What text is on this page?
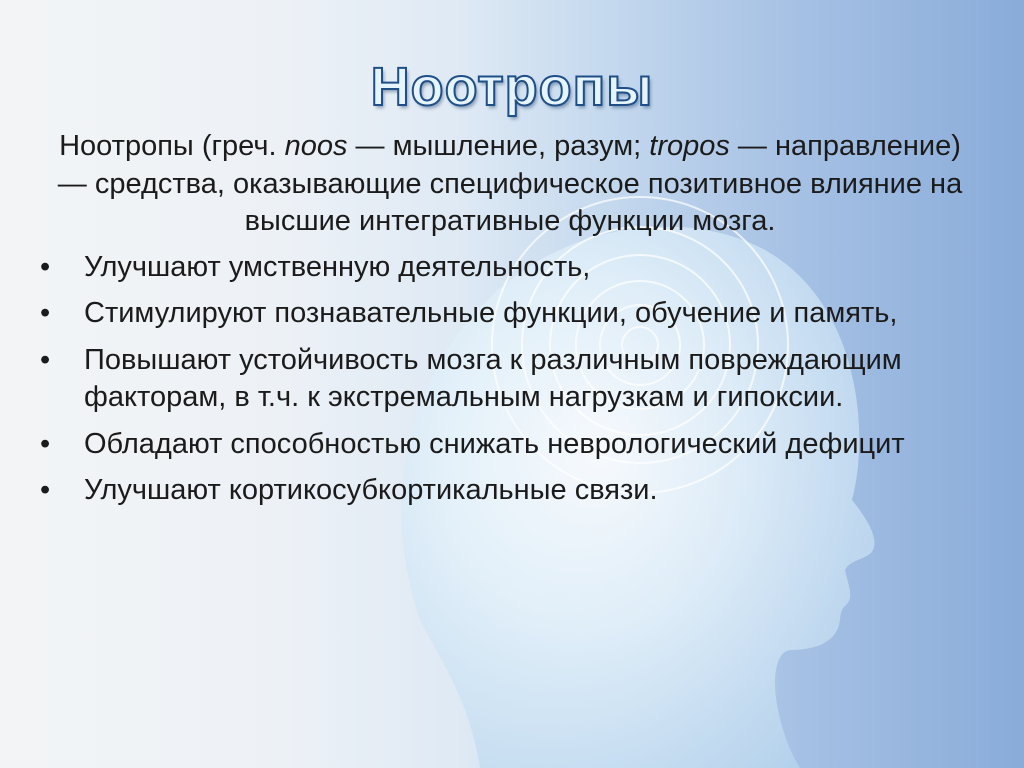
Ноотропы

Ноотропы (греч. noos — мышление, разум; tropos — направление) — средства, оказывающие специфическое позитивное влияние на высшие интегративные функции мозга.

• Улучшают умственную деятельность,
• Стимулируют познавательные функции, обучение и память,
• Повышают устойчивость мозга к различным повреждающим факторам, в т.ч. к экстремальным нагрузкам и гипоксии.
• Обладают способностью снижать неврологический дефицит
• Улучшают кортикосубкортикальные связи.
